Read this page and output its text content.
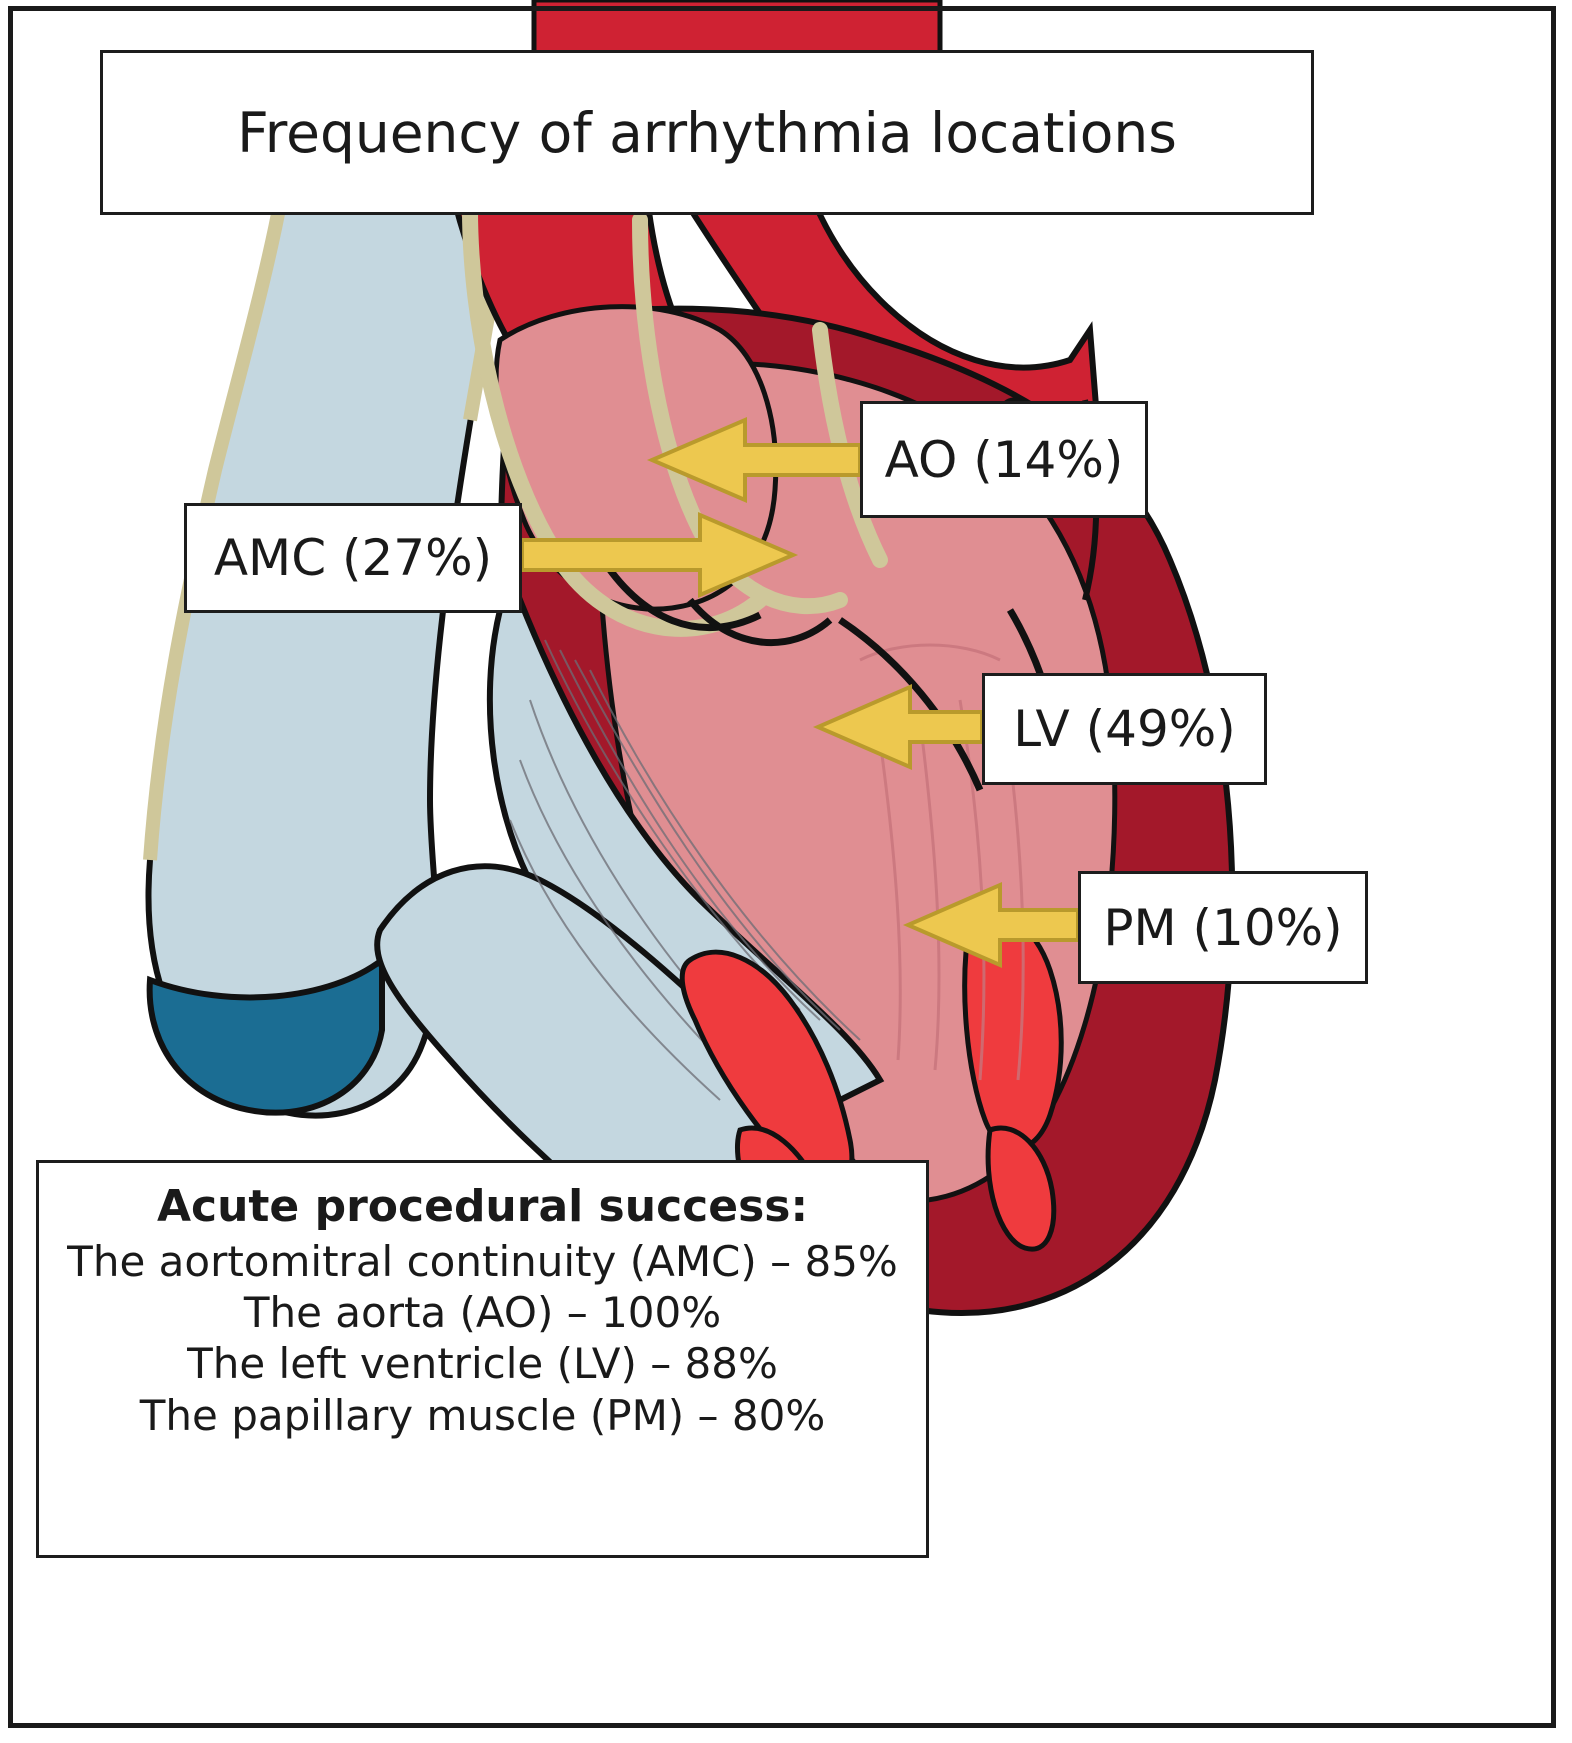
Frequency of arrhythmia locations
AMC (27%)
AO (14%)
LV (49%)
PM (10%)
Acute procedural success:
The aortomitral continuity (AMC) – 85%
The aorta (AO) – 100%
The left ventricle (LV) – 88%
The papillary muscle (PM) – 80%
